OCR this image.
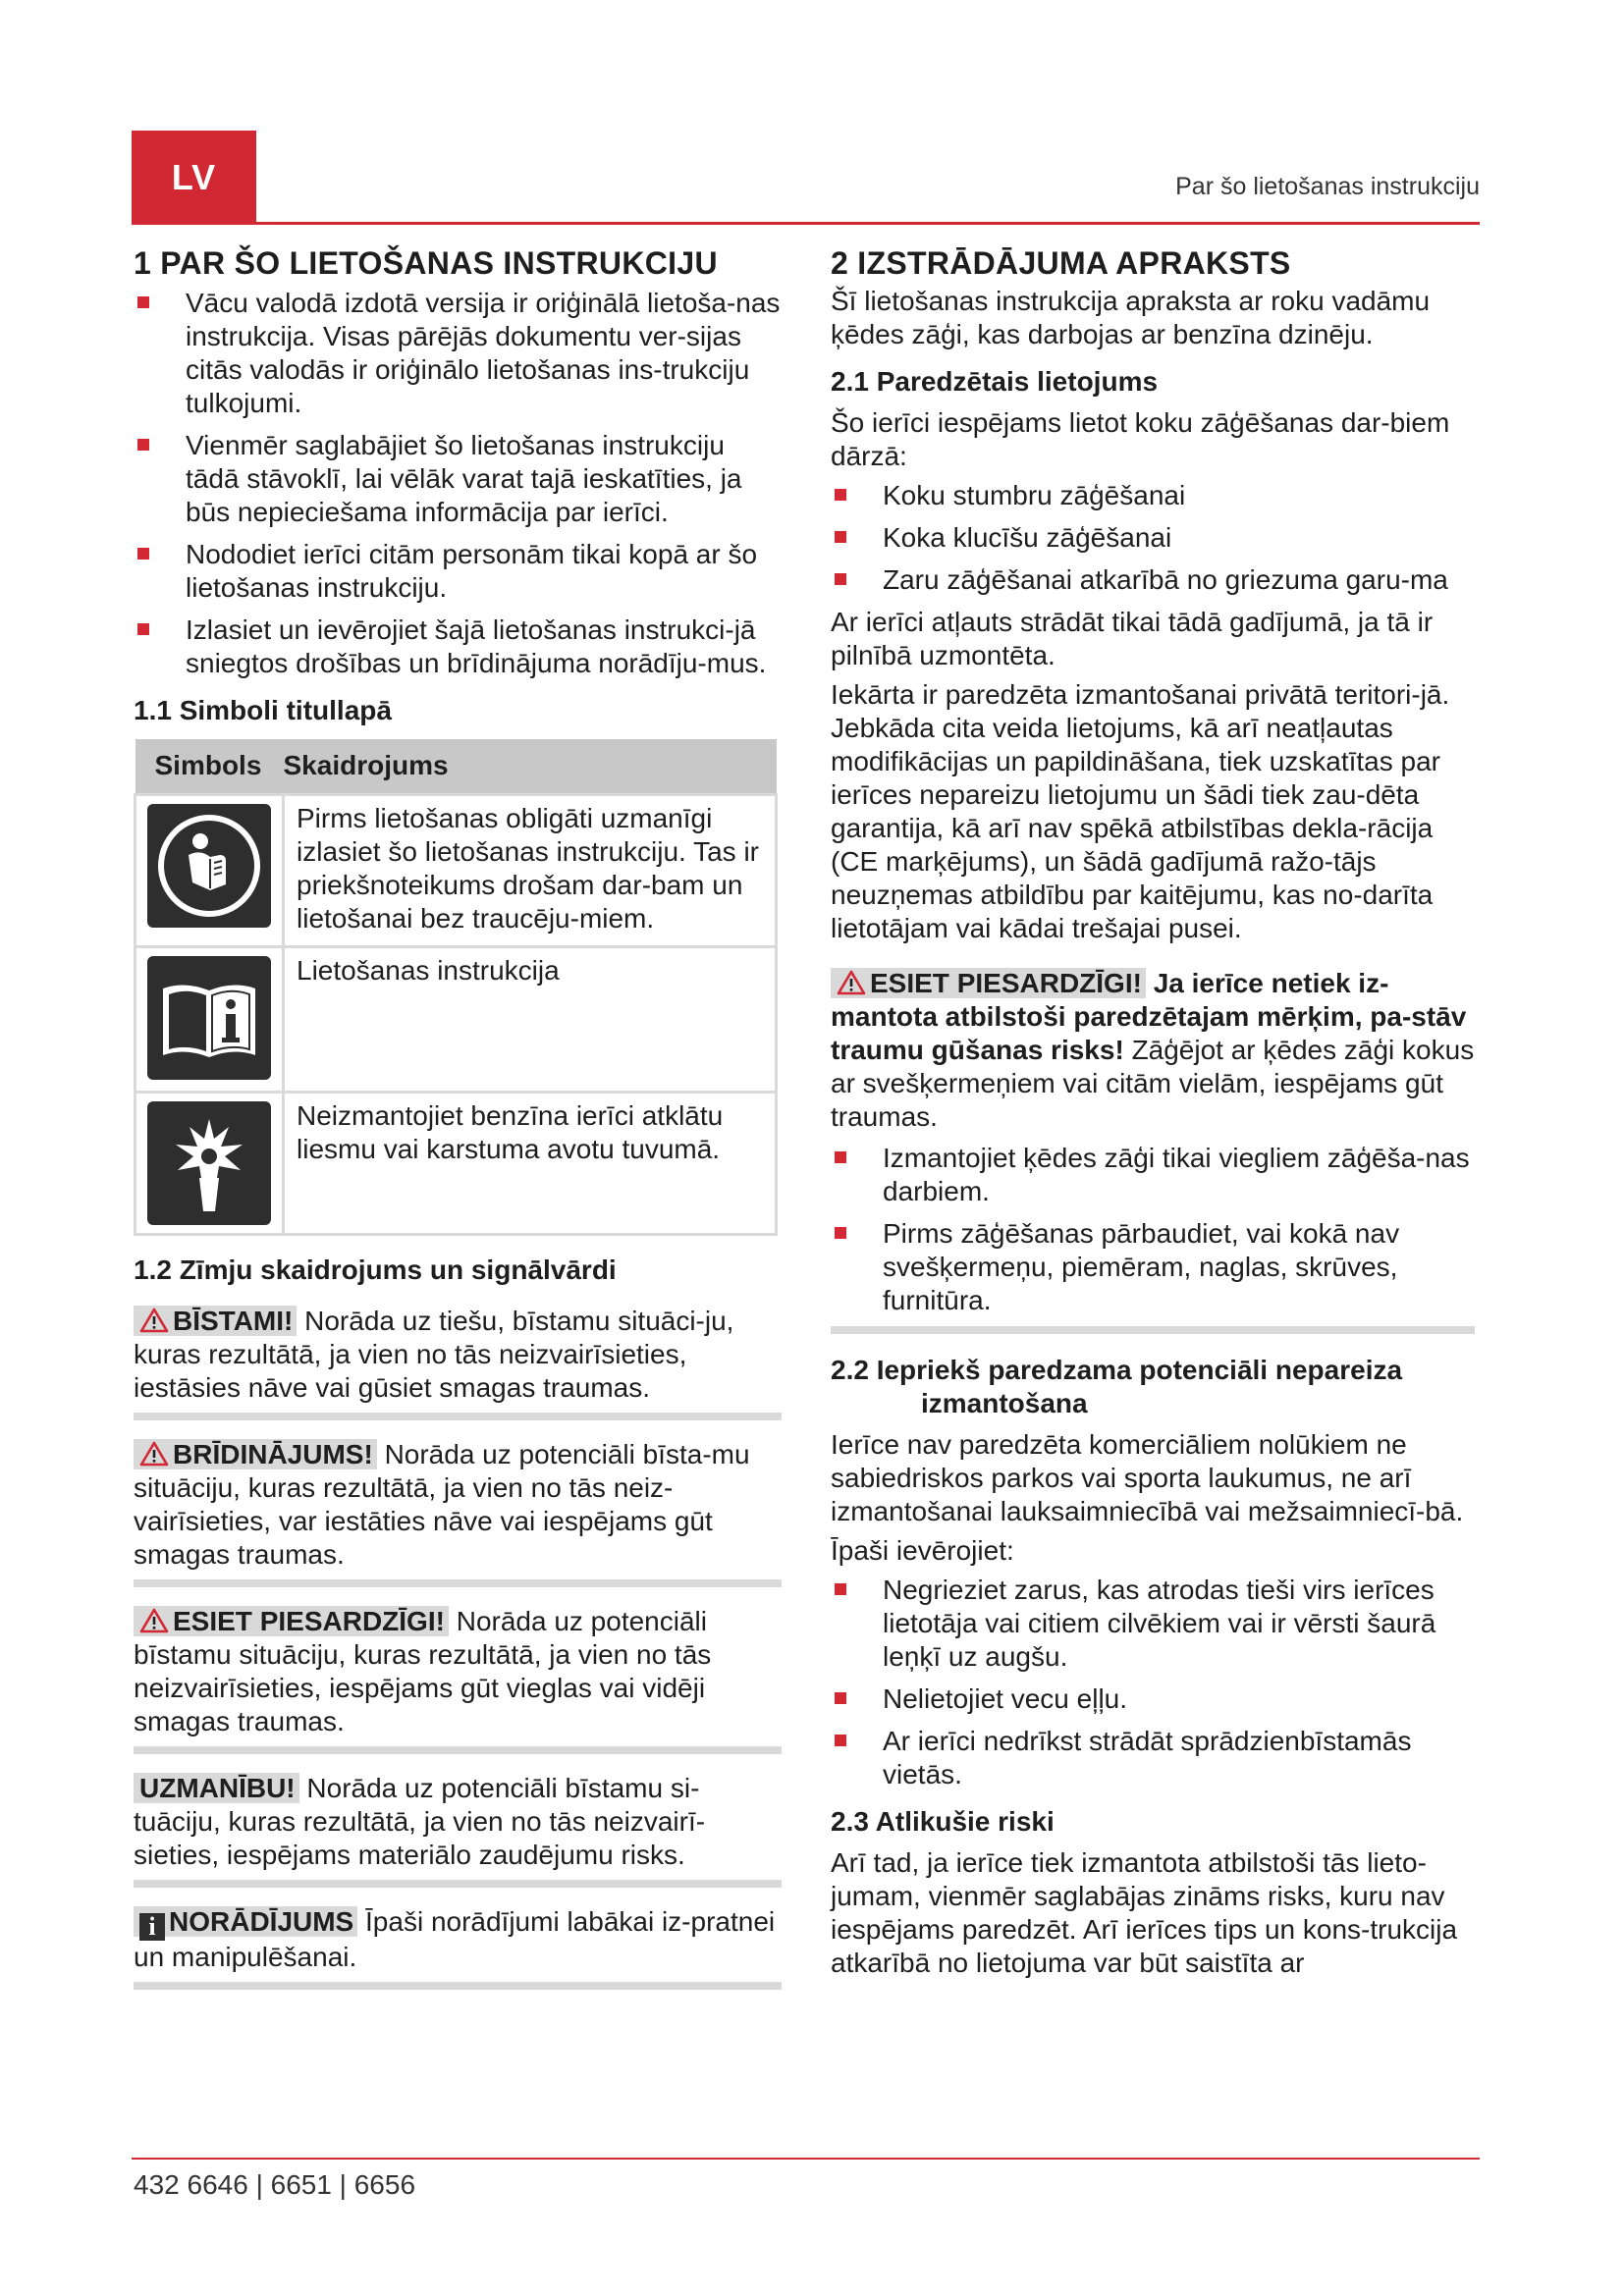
LV	Par šo lietošanas instrukciju
1 PAR ŠO LIETOŠANAS INSTRUKCIJU
Vācu valodā izdotā versija ir oriģinālā lietoša-nas instrukcija. Visas pārējās dokumentu ver-sijas citās valodās ir oriģinālo lietošanas ins-trukciju tulkojumi.
Vienmēr saglabājiet šo lietošanas instrukciju tādā stāvoklī, lai vēlāk varat tajā ieskatīties, ja būs nepieciešama informācija par ierīci.
Nododiet ierīci citām personām tikai kopā ar šo lietošanas instrukciju.
Izlasiet un ievērojiet šajā lietošanas instrukci-jā sniegtos drošības un brīdinājuma norādīju-mus.
1.1 Simboli titullapā
Simbols	Skaidrojums

	Pirms lietošanas obligāti uzmanīgi izlasiet šo lietošanas instrukciju. Tas ir priekšnoteikums drošam dar-bam un lietošanai bez traucēju-miem.

	Lietošanas instrukcija

	Neizmantojiet benzīna ierīci atklātu liesmu vai karstuma avotu tuvumā.
1.2 Zīmju skaidrojums un signālvārdi
BĪSTAMI! Norāda uz tiešu, bīstamu situāci-ju, kuras rezultātā, ja vien no tās neizvairīsieties, iestāsies nāve vai gūsiet smagas traumas.
BRĪDINĀJUMS! Norāda uz potenciāli bīsta-mu situāciju, kuras rezultātā, ja vien no tās neiz-vairīsieties, var iestāties nāve vai iespējams gūt smagas traumas.
ESIET PIESARDZĪGI! Norāda uz potenciāli bīstamu situāciju, kuras rezultātā, ja vien no tās neizvairīsieties, iespējams gūt vieglas vai vidēji smagas traumas.
UZMANĪBU! Norāda uz potenciāli bīstamu si-tuāciju, kuras rezultātā, ja vien no tās neizvairī-sieties, iespējams materiālo zaudējumu risks.
i NORĀDĪJUMS Īpaši norādījumi labākai iz-pratnei un manipulēšanai.
2 IZSTRĀDĀJUMA APRAKSTS

Šī lietošanas instrukcija apraksta ar roku vadāmu ķēdes zāģi, kas darbojas ar benzīna dzinēju.

2.1 Paredzētais lietojums

Šo ierīci iespējams lietot koku zāģēšanas dar-biem dārzā:

Koku stumbru zāģēšanai
Koka klucīšu zāģēšanai
Zaru zāģēšanai atkarībā no griezuma garu-ma

Ar ierīci atļauts strādāt tikai tādā gadījumā, ja tā ir pilnībā uzmontēta.

Iekārta ir paredzēta izmantošanai privātā teritori-jā. Jebkāda cita veida lietojums, kā arī neatļautas modifikācijas un papildināšana, tiek uzskatītas par ierīces nepareizu lietojumu un šādi tiek zau-dēta garantija, kā arī nav spēkā atbilstības dekla-rācija (CE marķējums), un šādā gadījumā ražo-tājs neuzņemas atbildību par kaitējumu, kas no-darīta lietotājam vai kādai trešajai pusei.

ESIET PIESARDZĪGI! Ja ierīce netiek iz-mantota atbilstoši paredzētajam mērķim, pa-stāv traumu gūšanas risks! Zāģējot ar ķēdes zāģi kokus ar svešķermeņiem vai citām vielām, iespējams gūt traumas.
Izmantojiet ķēdes zāģi tikai viegliem zāģēša-nas darbiem.
Pirms zāģēšanas pārbaudiet, vai kokā nav svešķermeņu, piemēram, naglas, skrūves, furnitūra.
2.2 Iepriekš paredzama potenciāli nepareiza
izmantošana

Ierīce nav paredzēta komerciāliem nolūkiem ne sabiedriskos parkos vai sporta laukumus, ne arī izmantošanai lauksaimniecībā vai mežsaimniecī-bā.

Īpaši ievērojiet:

Negrieziet zarus, kas atrodas tieši virs ierīces lietotāja vai citiem cilvēkiem vai ir vērsti šaurā leņķī uz augšu.
Nelietojiet vecu eļļu.
Ar ierīci nedrīkst strādāt sprādzienbīstamās vietās.
2.3 Atlikušie riski

Arī tad, ja ierīce tiek izmantota atbilstoši tās lieto-jumam, vienmēr saglabājas zināms risks, kuru nav iespējams paredzēt. Arī ierīces tips un kons-trukcija atkarībā no lietojuma var būt saistīta ar

432 6646 | 6651 | 6656
